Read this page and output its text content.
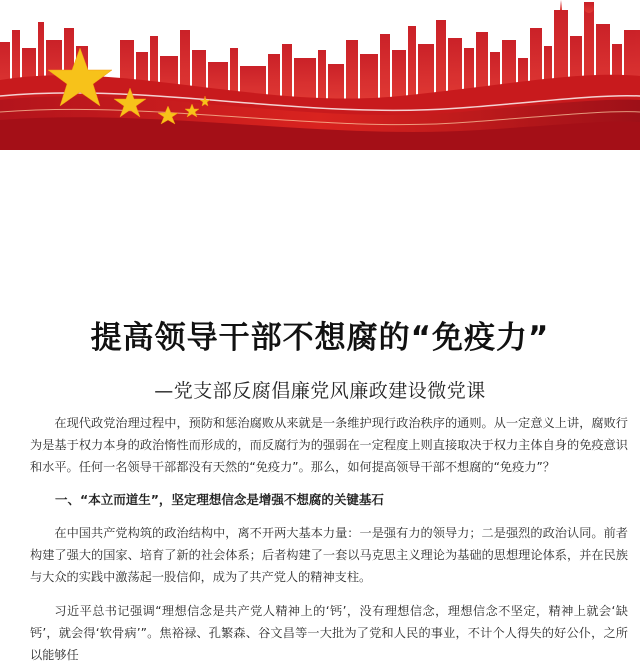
提高领导干部不想腐的“免疫力”
—党支部反腐倡廉党风廉政建设微党课

在现代政党治理过程中，预防和惩治腐败从来就是一条维护现行政治秩序的通则。从一定意义上讲，腐败行为是基于权力本身的政治惰性而形成的，而反腐行为的强弱在一定程度上则直接取决于权力主体自身的免疫意识和水平。任何一名领导干部都没有天然的“免疫力”。那么，如何提高领导干部不想腐的“免疫力”？

一、“本立而道生”，坚定理想信念是增强不想腐的关键基石

在中国共产党构筑的政治结构中，离不开两大基本力量：一是强有力的领导力；二是强烈的政治认同。前者构建了强大的国家、培育了新的社会体系；后者构建了一套以马克思主义理论为基础的思想理论体系，并在民族与大众的实践中激荡起一股信仰，成为了共产党人的精神支柱。

习近平总书记强调“理想信念是共产党人精神上的‘钙’，没有理想信念，理想信念不坚定，精神上就会‘缺钙’，就会得‘软骨病’”。焦裕禄、孔繁森、谷文昌等一大批为了党和人民的事业，不计个人得失的好公仆，之所以能够任
